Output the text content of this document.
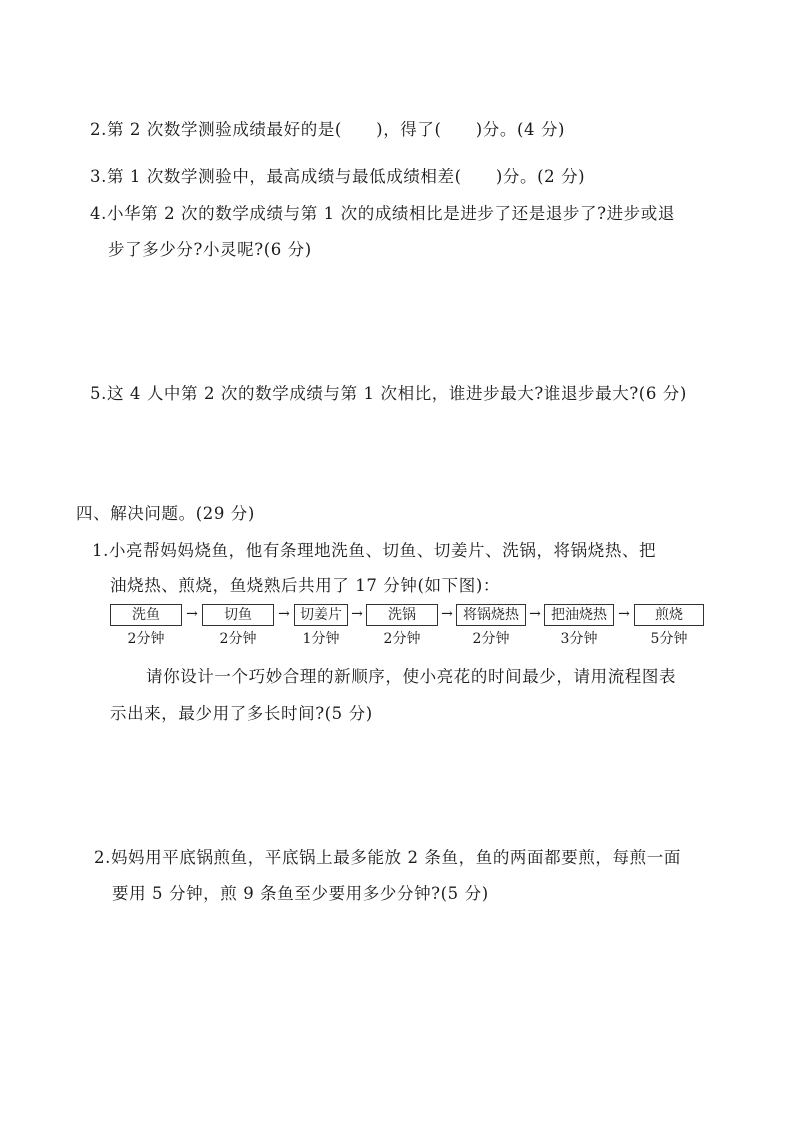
2.第 2 次数学测验成绩最好的是(　　)，得了(　　)分。(4 分)
3.第 1 次数学测验中，最高成绩与最低成绩相差(　　)分。(2 分)
4.小华第 2 次的数学成绩与第 1 次的成绩相比是进步了还是退步了?进步或退
步了多少分?小灵呢?(6 分)
5.这 4 人中第 2 次的数学成绩与第 1 次相比，谁进步最大?谁退步最大?(6 分)
四、解决问题。(29 分)
1.小亮帮妈妈烧鱼，他有条理地洗鱼、切鱼、切姜片、洗锅，将锅烧热、把
油烧热、煎烧，鱼烧熟后共用了 17 分钟(如下图)：
洗鱼	→	切鱼	→ 切姜片 →	洗锅	→ 将锅烧热 → 把油烧热 →	煎烧
2分钟	2分钟	1分钟	2分钟	2分钟	3分钟	5分钟
请你设计一个巧妙合理的新顺序，使小亮花的时间最少，请用流程图表
示出来，最少用了多长时间?(5 分)
2.妈妈用平底锅煎鱼，平底锅上最多能放 2 条鱼，鱼的两面都要煎，每煎一面
要用 5 分钟，煎 9 条鱼至少要用多少分钟?(5 分)
